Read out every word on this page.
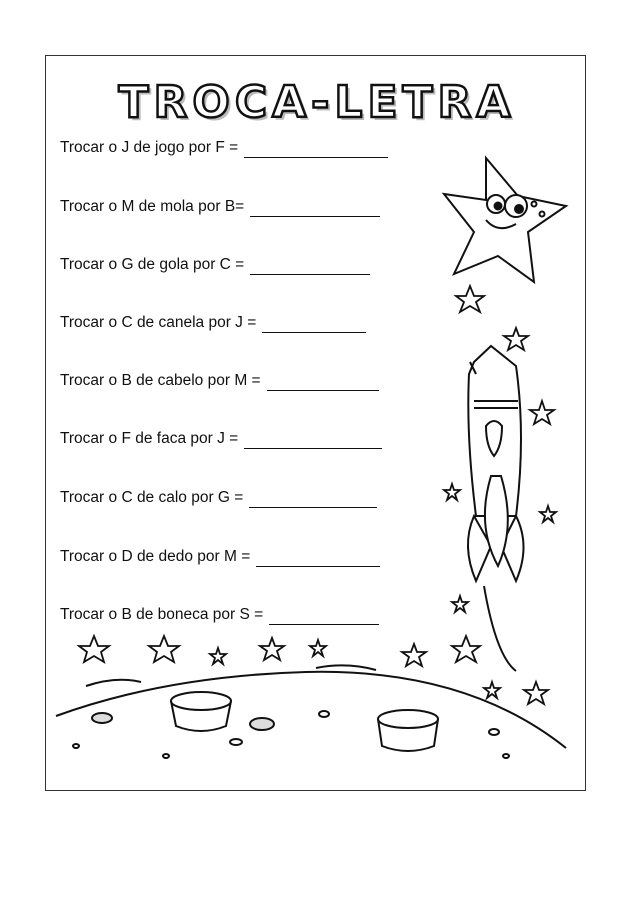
TROCA-LETRA
Trocar o J de jogo por F =
Trocar o M de mola por B=
Trocar o G de gola por C =
Trocar o C de canela por J =
Trocar o B de cabelo por M =
Trocar o F de faca por J =
Trocar o C de calo por G =
Trocar o D de dedo por M =
Trocar o B de boneca por S =
